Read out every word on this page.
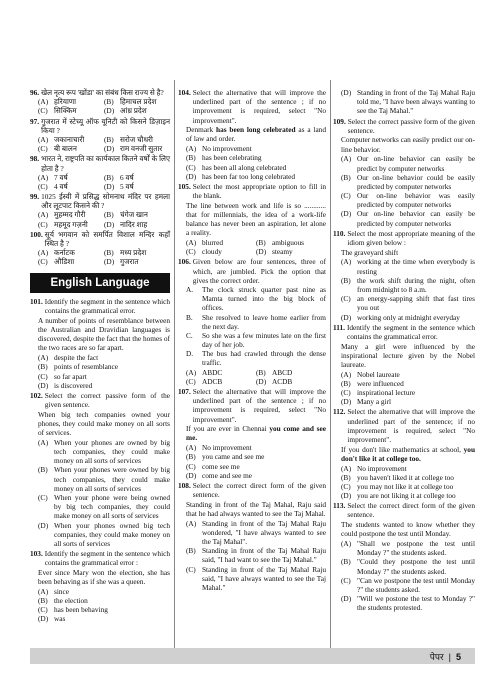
96. खेल नृत्य रूप 'खोंडा' का संबंध किस राज्य से है?
(A) हरियाणा	(B) हिमाचल प्रदेश
(C) सिक्किम	(D) आंध्र प्रदेश
97. गुजरात में स्टेच्यू ऑफ यूनिटी को किसने डिज़ाइन किया ?
(A) जकानाचारी	(B) सरोज चौधरी
(C) बी बालन	(D) राम वनजी सुतार
98. भारत ने, राष्ट्रपति का कार्यकाल कितने वर्षों के लिए होता है ?
(A) 7 वर्ष	(B) 6 वर्ष
(C) 4 वर्ष	(D) 5 वर्ष
99. 1025 ईस्वी में प्रसिद्ध सोमनाथ मंदिर पर हमला और लूटपाट किसने की ?
(A) मुहम्मद गौरी	(B) चंगेज खान
(C) महमूद गज़नी	(D) नादिर शाह
100. सूर्य भगवान को समर्पित विशाल मन्दिर कहाँ स्थित है ?
(A) कर्नाटक	(B) मध्य प्रदेश
(C) औडिशा	(D) गुजरात
English Language
101. Identify the segment in the sentence which contains the grammatical error.
A number of points of resemblance between the Australian and Dravidian languages is discovered, despite the fact that the homes of the two races are so far apart.
(A) despite the fact
(B) points of resemblance
(C) so far apart
(D) is discovered
102. Select the correct passive form of the given sentence.
When big tech companies owned your phones, they could make money on all sorts of services.
(A) When your phones are owned by big tech companies, they could make money on all sorts of services
(B) When your phones were owned by big tech companies, they could make money on all sorts of services
(C) When your phone were being owned by big tech companies, they could make money on all sorts of services
(D) When your phones owned big tech companies, they could make money on all sorts of services
103. Identify the segment in the sentence which contains the grammatical error :
Ever since Mary won the election, she has been behaving as if she was a queen.
(A) since
(B) the election
(C) has been behaving
(D) was
104. Select the alternative that will improve the underlined part of the sentence ; if no improvement is required, select "No improvement".
Denmark has been long celebrated as a land of law and order.
(A) No improvement
(B) has been celebrating
(C) has been all along celebrated
(D) has been far too long celebrated
105. Select the most appropriate option to fill in the blank.
The line between work and life is so ............ that for millennials, the idea of a work-life balance has never been an aspiration, let alone a reality.
(A) blurred	(B) ambiguous
(C) cloudy	(D) steamy
106. Given below are four sentences, three of which, are jumbled. Pick the option that gives the correct order.
A.	The clock struck quarter past nine as Mamta turned into the big block of offices.
B.	She resolved to leave home earlier from the next day.
C.	So she was a few minutes late on the first day of her job.
D.	The bus had crawled through the dense traffic.
(A) ABDC	(B) ABCD
(C) ADCB	(D) ACDB
107. Select the alternative that will improve the underlined part of the sentence ; if no improvement is required, select "No improvement".
If you are ever in Chennai you come and see me.
(A) No improvement
(B) you came and see me
(C) come see me
(D) come and see me
108. Select the correct direct form of the given sentence.
Standing in front of the Taj Mahal, Raju said that he had always wanted to see the Taj Mahal.
(A) Standing in front of the Taj Mahal Raju wondered, "I have always wanted to see the Taj Mahal".
(B) Standing in front of the Taj Mahal Raju said, "I had want to see the Taj Mahal."
(C) Standing in front of the Taj Mahal Raju said, "I have always wanted to see the Taj Mahal."
(D) Standing in front of the Taj Mahal Raju told me, "I have been always wanting to see the Taj Mahal."
109. Select the correct passive form of the given sentence.
Computer networks can easily predict our on-line behavior.
(A) Our on-line behavior can easily be predict by computer networks
(B) Our on-line behavior could be easily predicted by computer networks
(C) Our on-line behavior was easily predicted by computer networks
(D) Our on-line behavior can easily be predicted by computer networks
110. Select the most appropriate meaning of the idiom given below :
The graveyard shift
(A) working at the time when everybody is resting
(B) the work shift during the night, often from midnight to 8 a.m.
(C) an energy-sapping shift that fast tires you out
(D) working only at midnight everyday
111. Identify the segment in the sentence which contains the grammatical error.
Many a girl were influenced by the inspirational lecture given by the Nobel laureate.
(A) Nobel laureate
(B) were influenced
(C) inspirational lecture
(D) Many a girl
112. Select the alternative that will improve the underlined part of the sentence; if no improvement is required, select "No improvement".
If you don't like mathematics at school, you don't like it at college too.
(A) No improvement
(B) you haven't liked it at college too
(C) you may not like it at college too
(D) you are not liking it at college too
113. Select the correct direct form of the given sentence.
The students wanted to know whether they could postpone the test until Monday.
(A) "Shall we postpone the test until Monday ?" the students asked.
(B) "Could they postpone the test until Monday ?" the students asked.
(C) "Can we postpone the test until Monday ?" the students asked.
(D) "Will we postone the test to Monday ?" the students protested.
पेपर  |  5
